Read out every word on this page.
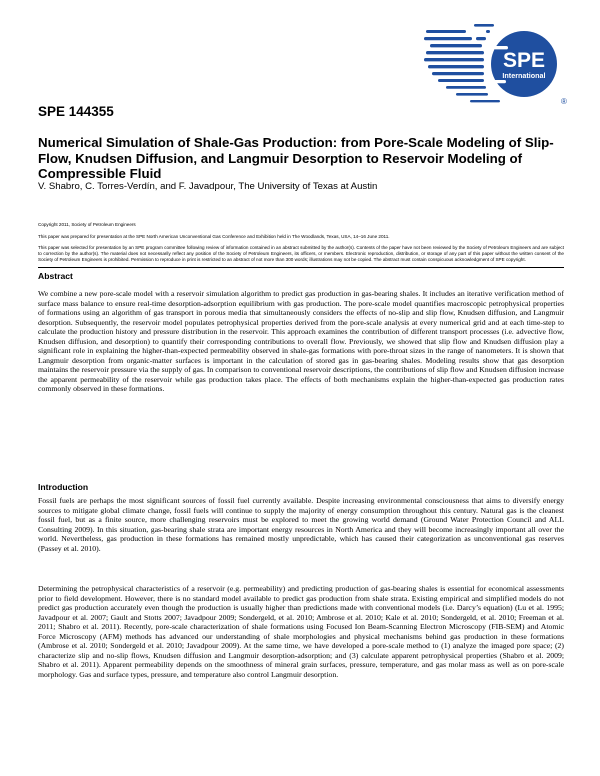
SPE
International
®
SPE 144355
Numerical Simulation of Shale-Gas Production: from Pore-Scale Modeling of Slip-Flow, Knudsen Diffusion, and Langmuir Desorption to Reservoir Modeling of Compressible Fluid

V. Shabro, C. Torres-Verdín, and F. Javadpour, The University of Texas at Austin

Copyright 2011, Society of Petroleum Engineers

This paper was prepared for presentation at the SPE North American Unconventional Gas Conference and Exhibition held in The Woodlands, Texas, USA, 14–16 June 2011.

This paper was selected for presentation by an SPE program committee following review of information contained in an abstract submitted by the author(s). Contents of the paper have not been reviewed by the Society of Petroleum Engineers and are subject to correction by the author(s). The material does not necessarily reflect any position of the Society of Petroleum Engineers, its officers, or members. Electronic reproduction, distribution, or storage of any part of this paper without the written consent of the Society of Petroleum Engineers is prohibited. Permission to reproduce in print is restricted to an abstract of not more than 300 words; illustrations may not be copied. The abstract must contain conspicuous acknowledgment of SPE copyright.

Abstract

We combine a new pore-scale model with a reservoir simulation algorithm to predict gas production in gas-bearing shales. It includes an iterative verification method of surface mass balance to ensure real-time desorption-adsorption equilibrium with gas production. The pore-scale model quantifies macroscopic petrophysical properties of formations using an algorithm of gas transport in porous media that simultaneously considers the effects of no-slip and slip flow, Knudsen diffusion, and Langmuir desorption. Subsequently, the reservoir model populates petrophysical properties derived from the pore-scale analysis at every numerical grid and at each time-step to calculate the production history and pressure distribution in the reservoir. This approach examines the contribution of different transport processes (i.e. advective flow, Knudsen diffusion, and desorption) to quantify their corresponding contributions to overall flow. Previously, we showed that slip flow and Knudsen diffusion play a significant role in explaining the higher-than-expected permeability observed in shale-gas formations with pore-throat sizes in the range of nanometers. It is shown that Langmuir desorption from organic-matter surfaces is important in the calculation of stored gas in gas-bearing shales. Modeling results show that gas desorption maintains the reservoir pressure via the supply of gas. In comparison to conventional reservoir descriptions, the contributions of slip flow and Knudsen diffusion increase the apparent permeability of the reservoir while gas production takes place. The effects of both mechanisms explain the higher-than-expected gas production rates commonly observed in these formations.

Introduction

Fossil fuels are perhaps the most significant sources of fossil fuel currently available. Despite increasing environmental consciousness that aims to diversify energy sources to mitigate global climate change, fossil fuels will continue to supply the majority of energy consumption throughout this century. Natural gas is the cleanest fossil fuel, but as a finite source, more challenging reservoirs must be explored to meet the growing world demand (Ground Water Protection Council and ALL Consulting 2009). In this situation, gas-bearing shale strata are important energy resources in North America and they will become increasingly important all over the world. Nevertheless, gas production in these formations has remained mostly unpredictable, which has caused their categorization as unconventional gas reserves (Passey et al. 2010).

Determining the petrophysical characteristics of a reservoir (e.g. permeability) and predicting production of gas-bearing shales is essential for economical assessments prior to field development. However, there is no standard model available to predict gas production from shale strata. Existing empirical and simplified models do not predict gas production accurately even though the production is usually higher than predictions made with conventional models (i.e. Darcy’s equation) (Lu et al. 1995; Javadpour et al. 2007; Gault and Stotts 2007; Javadpour 2009; Sondergeld, et al. 2010; Ambrose et al. 2010; Kale et al. 2010; Sondergeld, et al. 2010; Freeman et al. 2011; Shabro et al. 2011). Recently, pore-scale characterization of shale formations using Focused Ion Beam-Scanning Electron Microscopy (FIB-SEM) and Atomic Force Microscopy (AFM) methods has advanced our understanding of shale morphologies and physical mechanisms behind gas production in these formations (Ambrose et al. 2010; Sondergeld et al. 2010; Javadpour 2009). At the same time, we have developed a pore-scale method to (1) analyze the imaged pore space; (2) characterize slip and no-slip flows, Knudsen diffusion and Langmuir desorption-adsorption; and (3) calculate apparent petrophysical properties (Shabro et al. 2009; Shabro et al. 2011). Apparent permeability depends on the smoothness of mineral grain surfaces, pressure, temperature, and gas molar mass as well as on pore-scale morphology. Gas and surface types, pressure, and temperature also control Langmuir desorption.
